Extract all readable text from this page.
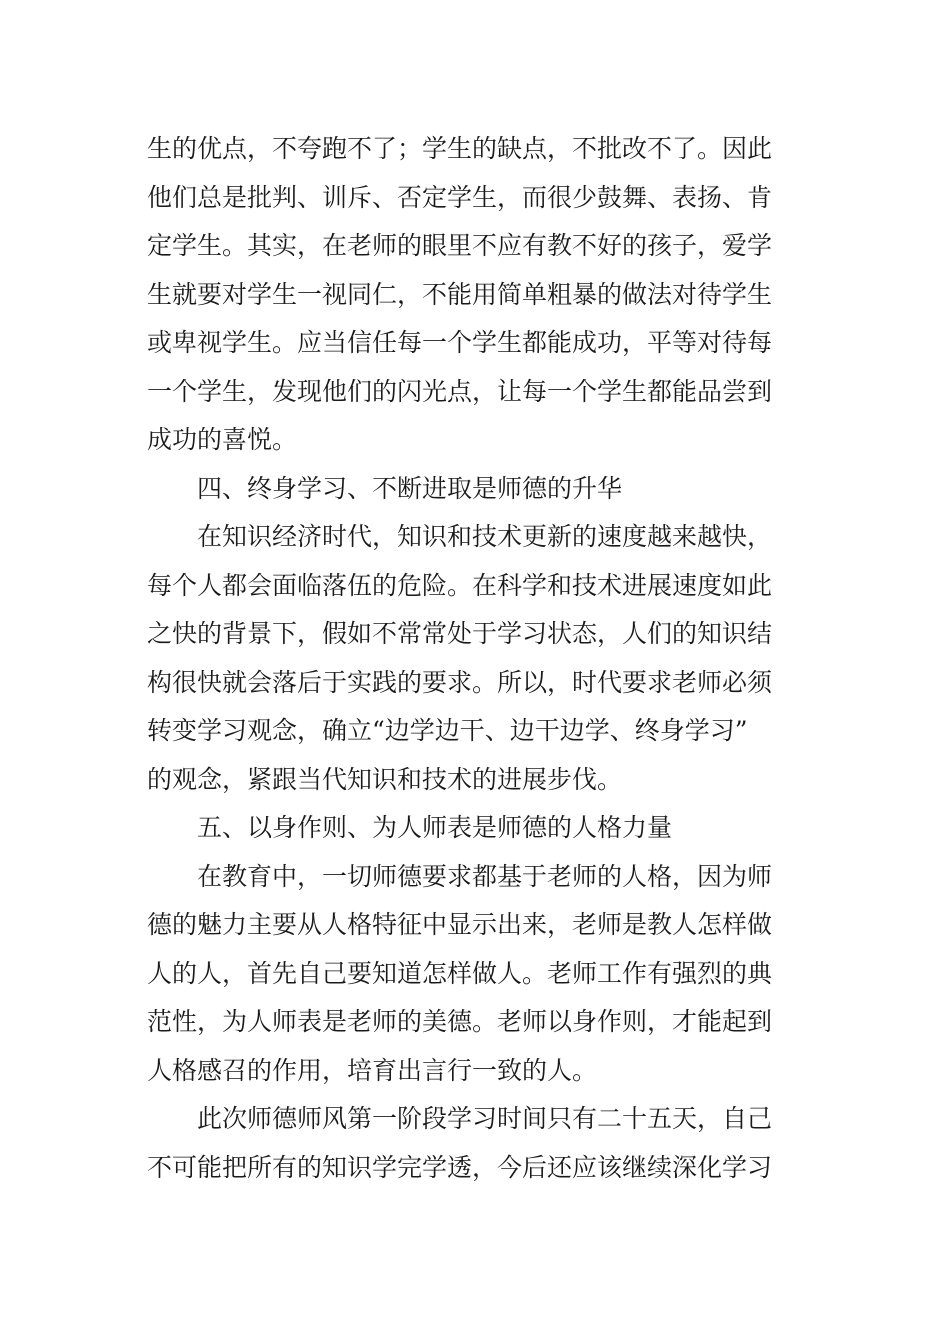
生的优点，不夸跑不了；学生的缺点，不批改不了。因此

他们总是批判、训斥、否定学生，而很少鼓舞、表扬、肯

定学生。其实，在老师的眼里不应有教不好的孩子，爱学

生就要对学生一视同仁，不能用简单粗暴的做法对待学生

或卑视学生。应当信任每一个学生都能成功，平等对待每

一个学生，发现他们的闪光点，让每一个学生都能品尝到

成功的喜悦。

四、终身学习、不断进取是师德的升华

在知识经济时代，知识和技术更新的速度越来越快，

每个人都会面临落伍的危险。在科学和技术进展速度如此

之快的背景下，假如不常常处于学习状态，人们的知识结

构很快就会落后于实践的要求。所以，时代要求老师必须

转变学习观念，确立“边学边干、边干边学、终身学习”

的观念，紧跟当代知识和技术的进展步伐。

五、以身作则、为人师表是师德的人格力量

在教育中，一切师德要求都基于老师的人格，因为师

德的魅力主要从人格特征中显示出来，老师是教人怎样做

人的人，首先自己要知道怎样做人。老师工作有强烈的典

范性，为人师表是老师的美德。老师以身作则，才能起到

人格感召的作用，培育出言行一致的人。

此次师德师风第一阶段学习时间只有二十五天，自己

不可能把所有的知识学完学透，今后还应该继续深化学习
